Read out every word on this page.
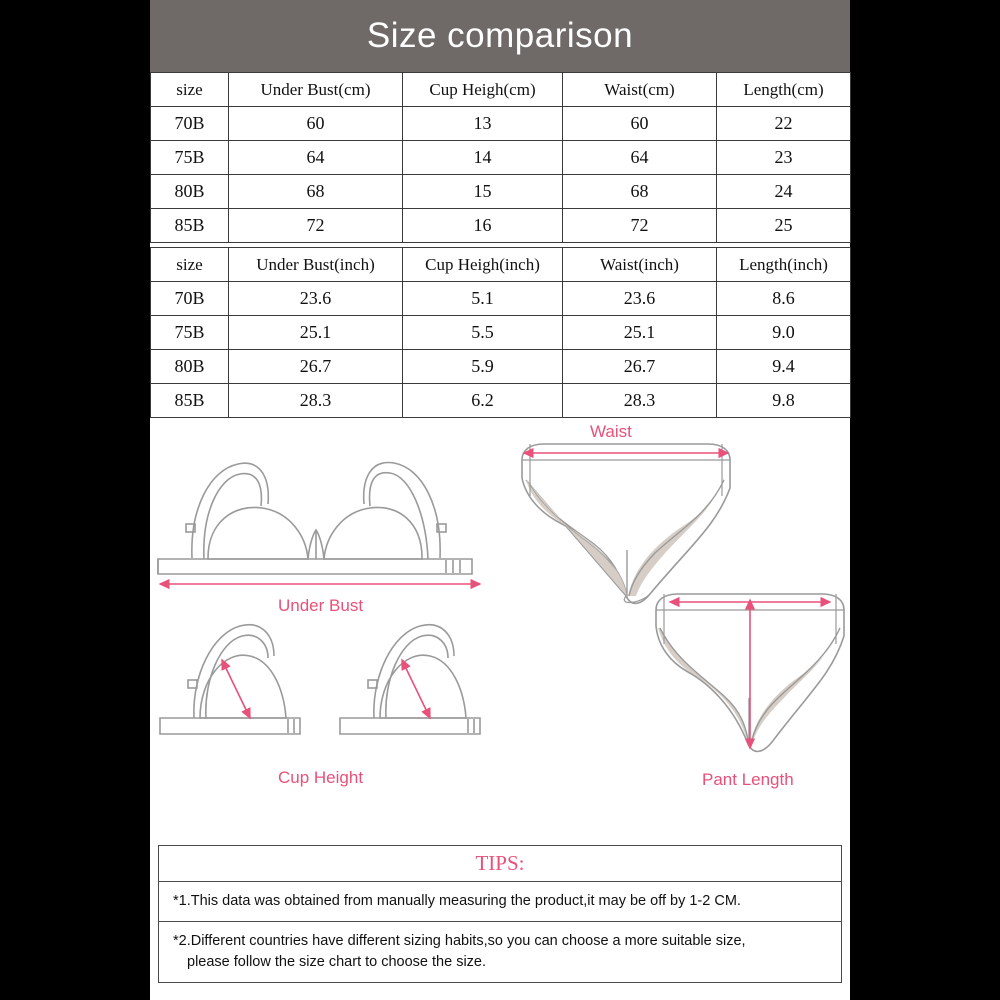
Size comparison
size	Under Bust(cm)	Cup Heigh(cm)	Waist(cm)	Length(cm)
70B	60	13	60	22
75B	64	14	64	23
80B	68	15	68	24
85B	72	16	72	25
size	Under Bust(inch)	Cup Heigh(inch)	Waist(inch)	Length(inch)
70B	23.6	5.1	23.6	8.6
75B	25.1	5.5	25.1	9.0
80B	26.7	5.9	26.7	9.4
85B	28.3	6.2	28.3	9.8
Under Bust
Cup Height
Waist
Pant Length
TIPS:
*1.This data was obtained from manually measuring the product,it may be off by 1-2 CM.
*2.Different countries have different sizing habits,so you can choose a more suitable size,
please follow the size chart to choose the size.
